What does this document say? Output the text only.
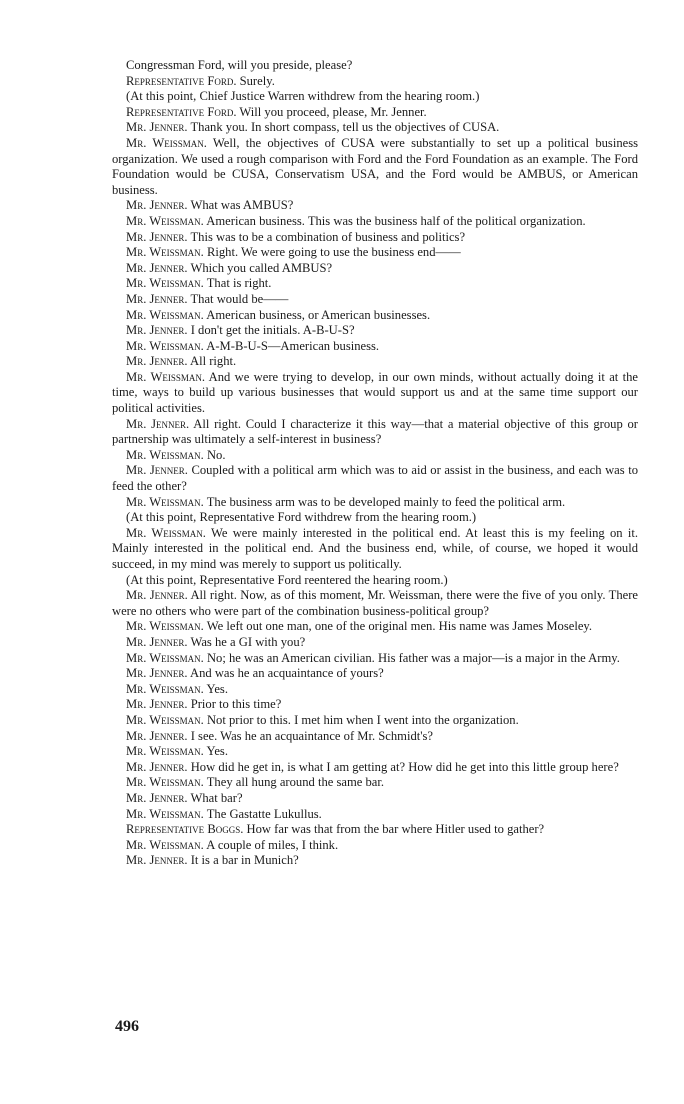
Congressman Ford, will you preside, please?

Representative Ford. Surely.

(At this point, Chief Justice Warren withdrew from the hearing room.)

Representative Ford. Will you proceed, please, Mr. Jenner.

Mr. Jenner. Thank you. In short compass, tell us the objectives of CUSA.

Mr. Weissman. Well, the objectives of CUSA were substantially to set up a political business organization. We used a rough comparison with Ford and the Ford Foundation as an example. The Ford Foundation would be CUSA, Conservatism USA, and the Ford would be AMBUS, or American business.

Mr. Jenner. What was AMBUS?

Mr. Weissman. American business. This was the business half of the political organization.

Mr. Jenner. This was to be a combination of business and politics?

Mr. Weissman. Right. We were going to use the business end——

Mr. Jenner. Which you called AMBUS?

Mr. Weissman. That is right.

Mr. Jenner. That would be——

Mr. Weissman. American business, or American businesses.

Mr. Jenner. I don't get the initials. A-B-U-S?

Mr. Weissman. A-M-B-U-S—American business.

Mr. Jenner. All right.

Mr. Weissman. And we were trying to develop, in our own minds, without actually doing it at the time, ways to build up various businesses that would support us and at the same time support our political activities.

Mr. Jenner. All right. Could I characterize it this way—that a material objective of this group or partnership was ultimately a self-interest in business?

Mr. Weissman. No.

Mr. Jenner. Coupled with a political arm which was to aid or assist in the business, and each was to feed the other?

Mr. Weissman. The business arm was to be developed mainly to feed the political arm.

(At this point, Representative Ford withdrew from the hearing room.)

Mr. Weissman. We were mainly interested in the political end. At least this is my feeling on it. Mainly interested in the political end. And the business end, while, of course, we hoped it would succeed, in my mind was merely to support us politically.

(At this point, Representative Ford reentered the hearing room.)

Mr. Jenner. All right. Now, as of this moment, Mr. Weissman, there were the five of you only. There were no others who were part of the combination business-political group?

Mr. Weissman. We left out one man, one of the original men. His name was James Moseley.

Mr. Jenner. Was he a GI with you?

Mr. Weissman. No; he was an American civilian. His father was a major—is a major in the Army.

Mr. Jenner. And was he an acquaintance of yours?

Mr. Weissman. Yes.

Mr. Jenner. Prior to this time?

Mr. Weissman. Not prior to this. I met him when I went into the organization.

Mr. Jenner. I see. Was he an acquaintance of Mr. Schmidt's?

Mr. Weissman. Yes.

Mr. Jenner. How did he get in, is what I am getting at? How did he get into this little group here?

Mr. Weissman. They all hung around the same bar.

Mr. Jenner. What bar?

Mr. Weissman. The Gastatte Lukullus.

Representative Boggs. How far was that from the bar where Hitler used to gather?

Mr. Weissman. A couple of miles, I think.

Mr. Jenner. It is a bar in Munich?

496
